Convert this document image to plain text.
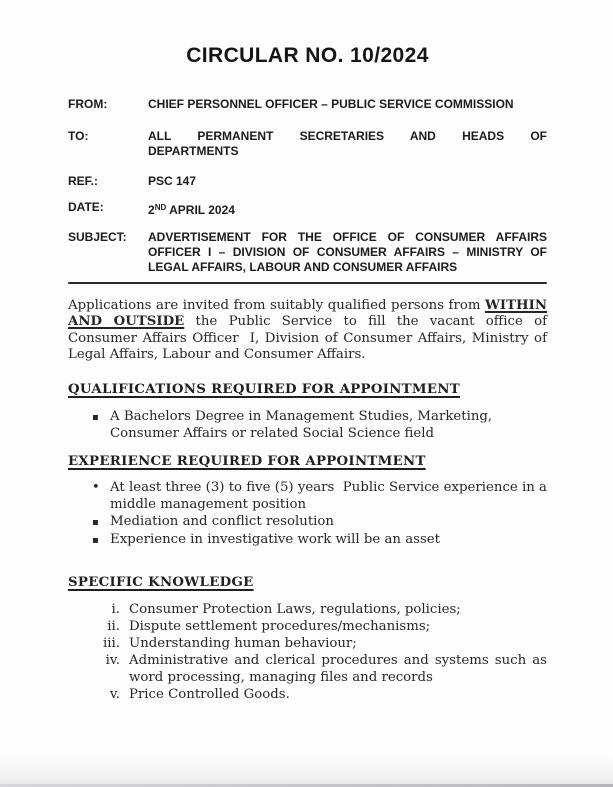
CIRCULAR NO. 10/2024
FROM:	CHIEF PERSONNEL OFFICER – PUBLIC SERVICE COMMISSION
TO:	ALL PERMANENT SECRETARIES AND HEADS OF
DEPARTMENTS
REF.:	PSC 147
DATE:	2ND APRIL 2024
SUBJECT:	ADVERTISEMENT FOR THE OFFICE OF CONSUMER AFFAIRS
OFFICER I – DIVISION OF CONSUMER AFFAIRS – MINISTRY OF
LEGAL AFFAIRS, LABOUR AND CONSUMER AFFAIRS
Applications are invited from suitably qualified persons from WITHIN AND OUTSIDE the Public Service to fill the vacant office of Consumer Affairs Officer  I, Division of Consumer Affairs, Ministry of Legal Affairs, Labour and Consumer Affairs.
QUALIFICATIONS REQUIRED FOR APPOINTMENT
▪ A Bachelors Degree in Management Studies, Marketing, Consumer Affairs or related Social Science field
EXPERIENCE REQUIRED FOR APPOINTMENT
• At least three (3) to five (5) years  Public Service experience in a middle management position
▪ Mediation and conflict resolution
▪ Experience in investigative work will be an asset
SPECIFIC KNOWLEDGE
i. Consumer Protection Laws, regulations, policies;
ii. Dispute settlement procedures/mechanisms;
iii. Understanding human behaviour;
iv. Administrative and clerical procedures and systems such as word processing, managing files and records
v. Price Controlled Goods.
